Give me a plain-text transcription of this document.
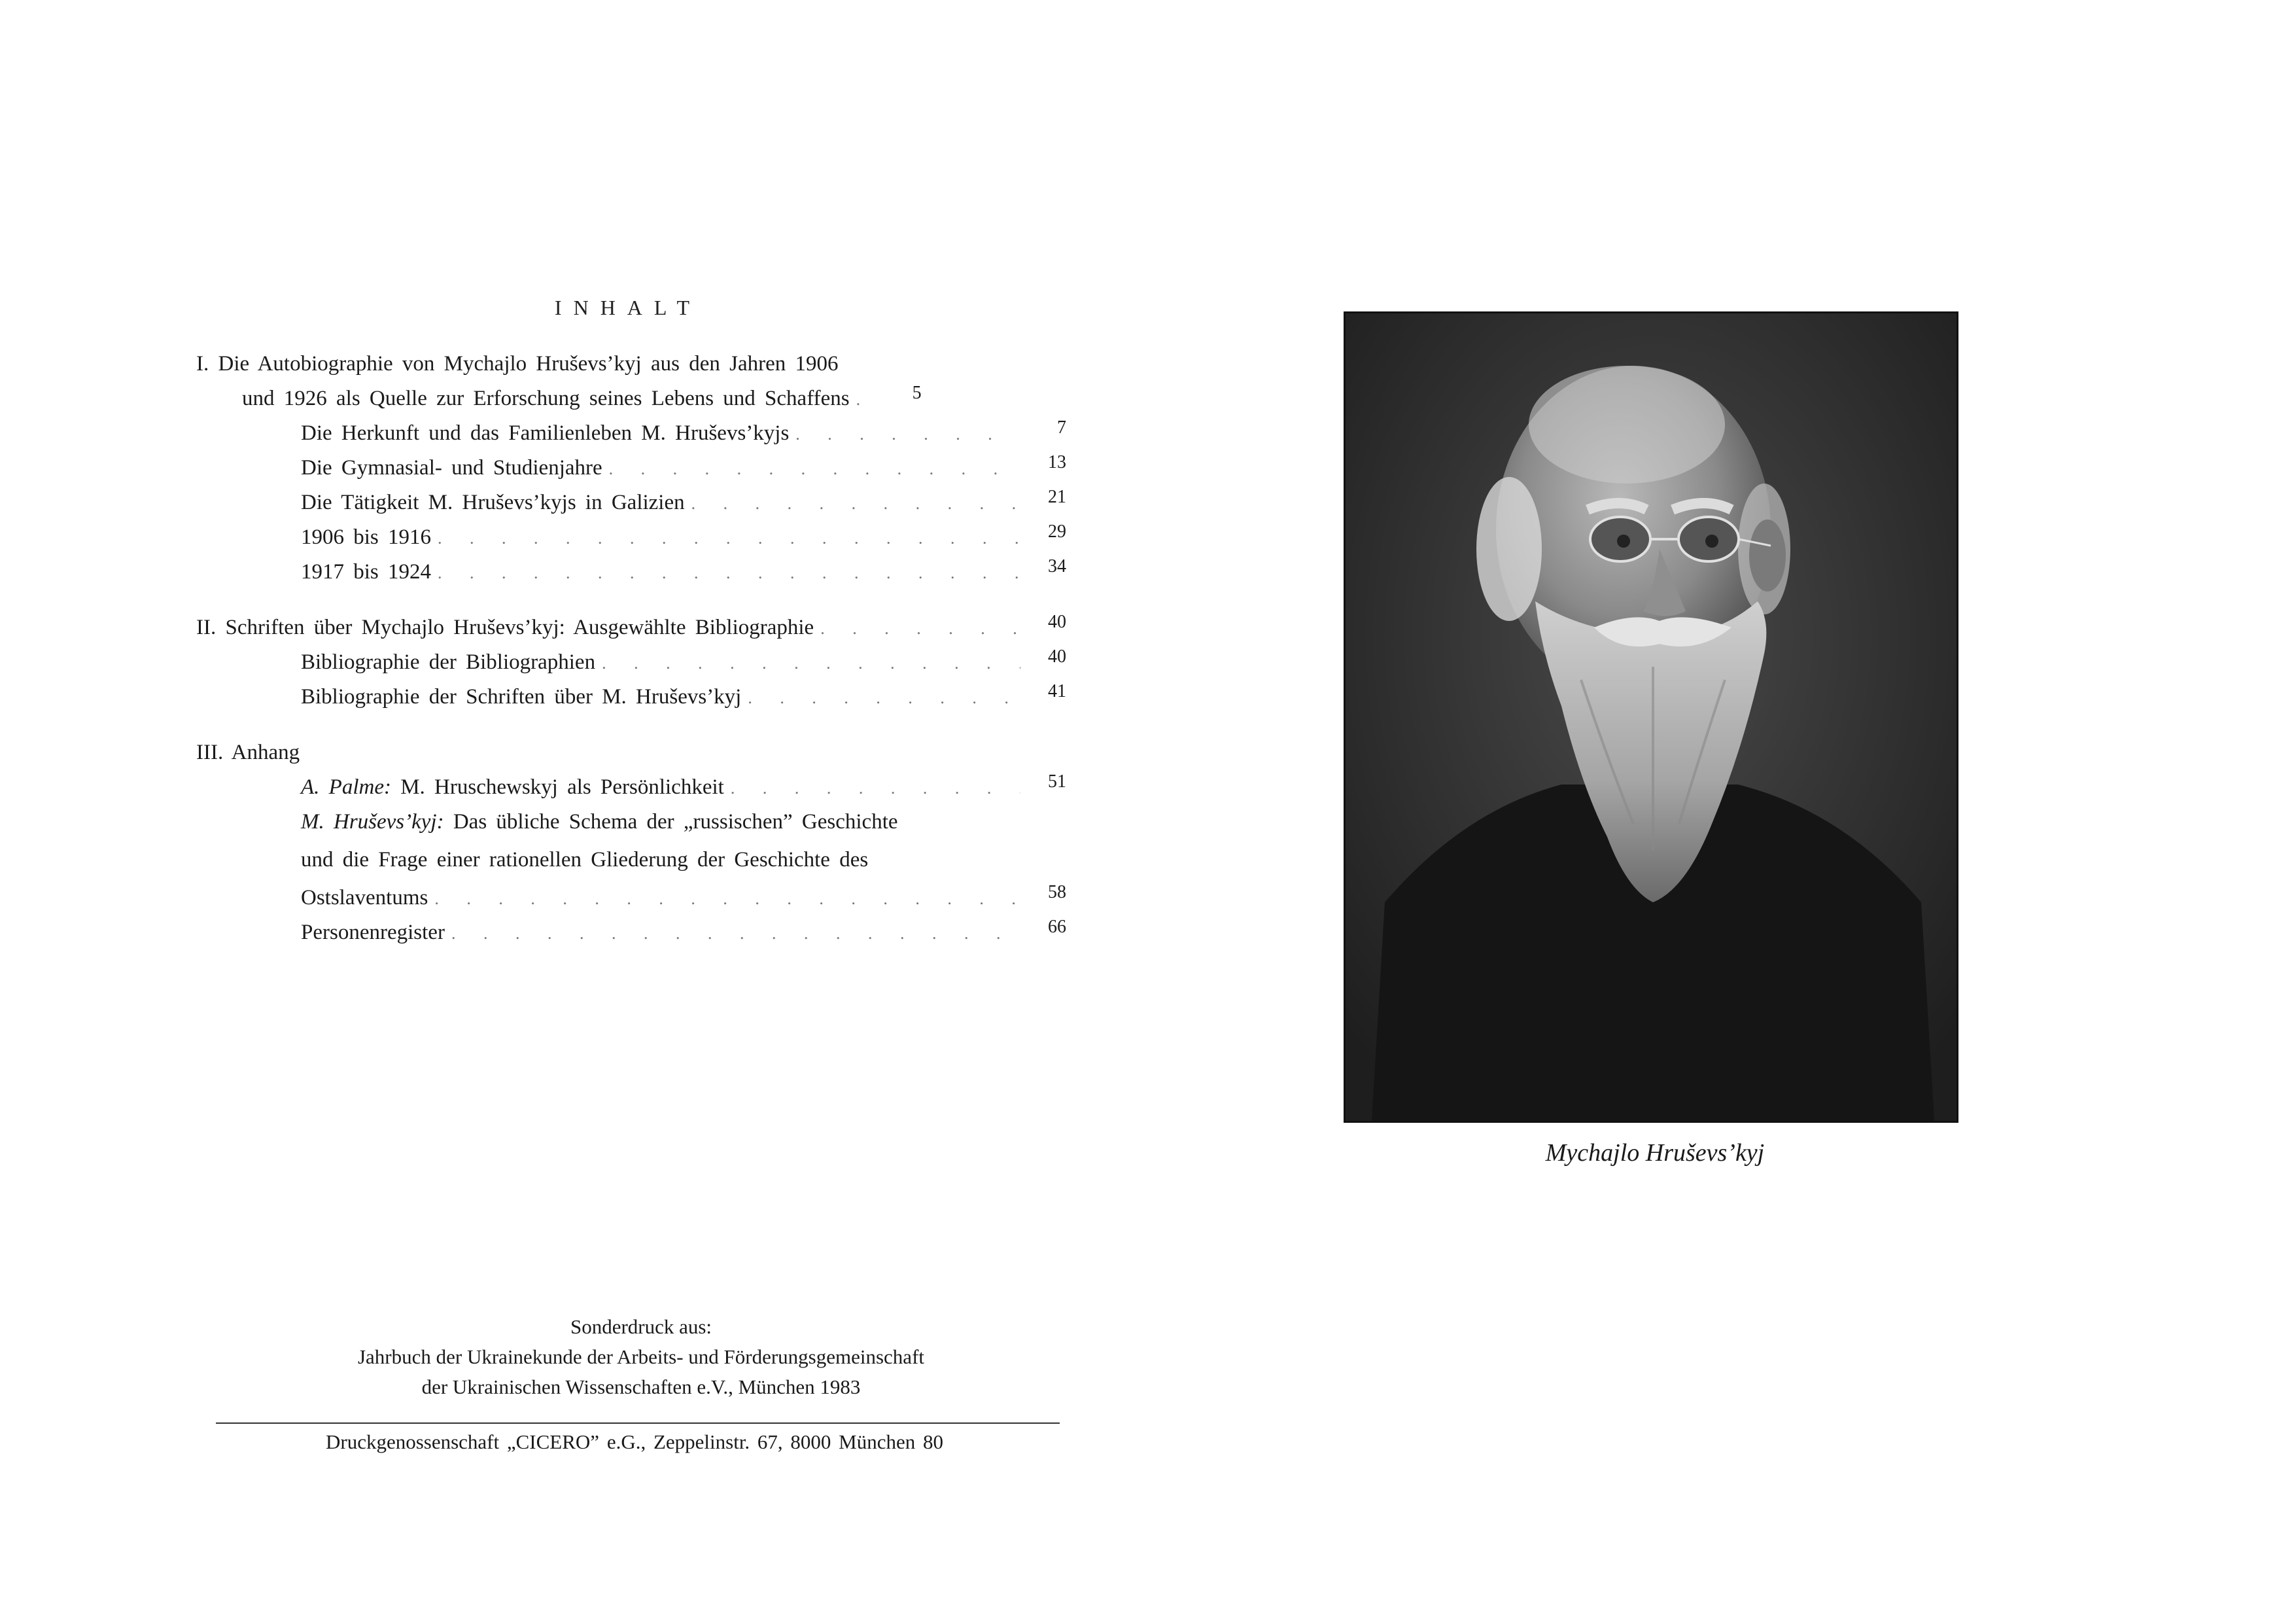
INHALT
I. Die Autobiographie von Mychajlo Hruševs’kyj aus den Jahren 1906
und 1926 als Quelle zur Erforschung seines Lebens und Schaffens . . .	5
Die Herkunft und das Familienleben M. Hruševs’kyjs . . .	7
Die Gymnasial- und Studienjahre . . .	13
Die Tätigkeit M. Hruševs’kyjs in Galizien . . .	21
1906 bis 1916 . . .	29
1917 bis 1924 . . .	34
II. Schriften über Mychajlo Hruševs’kyj: Ausgewählte Bibliographie . . .	40
Bibliographie der Bibliographien . . .	40
Bibliographie der Schriften über M. Hruševs’kyj . . .	41
III. Anhang
A. Palme: M. Hruschewskyj als Persönlichkeit . . .	51
M. Hruševs’kyj: Das übliche Schema der „russischen” Geschichte
und die Frage einer rationellen Gliederung der Geschichte des
Ostslaventums . . .	58
Personenregister . . .	66
Sonderdruck aus:
Jahrbuch der Ukrainekunde der Arbeits- und Förderungsgemeinschaft
der Ukrainischen Wissenschaften e.V., München 1983
Druckgenossenschaft „CICERO” e.G., Zeppelinstr. 67, 8000 München 80
Mychajlo Hruševs’kyj
